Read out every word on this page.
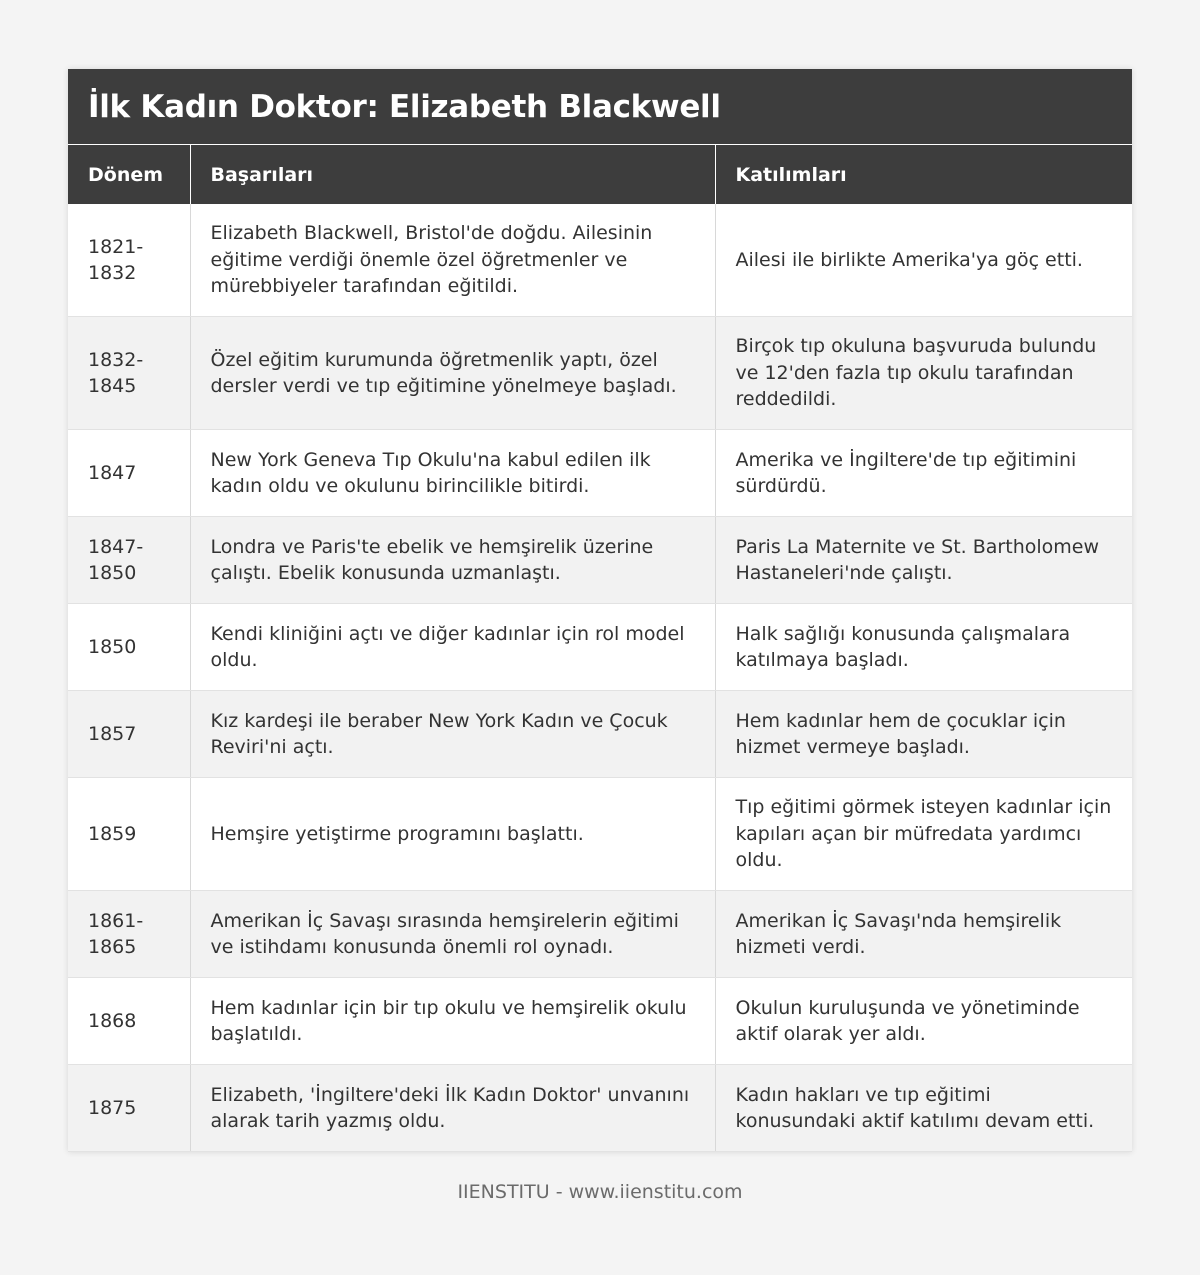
İlk Kadın Doktor: Elizabeth Blackwell
Dönem	Başarıları	Katılımları
1821-1832	Elizabeth Blackwell, Bristol'de doğdu. Ailesinin eğitime verdiği önemle özel öğretmenler ve mürebbiyeler tarafından eğitildi.	Ailesi ile birlikte Amerika'ya göç etti.
1832-1845	Özel eğitim kurumunda öğretmenlik yaptı, özel dersler verdi ve tıp eğitimine yönelmeye başladı.	Birçok tıp okuluna başvuruda bulundu ve 12'den fazla tıp okulu tarafından reddedildi.
1847	New York Geneva Tıp Okulu'na kabul edilen ilk kadın oldu ve okulunu birincilikle bitirdi.	Amerika ve İngiltere'de tıp eğitimini sürdürdü.
1847-1850	Londra ve Paris'te ebelik ve hemşirelik üzerine çalıştı. Ebelik konusunda uzmanlaştı.	Paris La Maternite ve St. Bartholomew Hastaneleri'nde çalıştı.
1850	Kendi kliniğini açtı ve diğer kadınlar için rol model oldu.	Halk sağlığı konusunda çalışmalara katılmaya başladı.
1857	Kız kardeşi ile beraber New York Kadın ve Çocuk Reviri'ni açtı.	Hem kadınlar hem de çocuklar için hizmet vermeye başladı.
1859	Hemşire yetiştirme programını başlattı.	Tıp eğitimi görmek isteyen kadınlar için kapıları açan bir müfredata yardımcı oldu.
1861-1865	Amerikan İç Savaşı sırasında hemşirelerin eğitimi ve istihdamı konusunda önemli rol oynadı.	Amerikan İç Savaşı'nda hemşirelik hizmeti verdi.
1868	Hem kadınlar için bir tıp okulu ve hemşirelik okulu başlatıldı.	Okulun kuruluşunda ve yönetiminde aktif olarak yer aldı.
1875	Elizabeth, 'İngiltere'deki İlk Kadın Doktor' unvanını alarak tarih yazmış oldu.	Kadın hakları ve tıp eğitimi konusundaki aktif katılımı devam etti.
IIENSTITU - www.iienstitu.com
